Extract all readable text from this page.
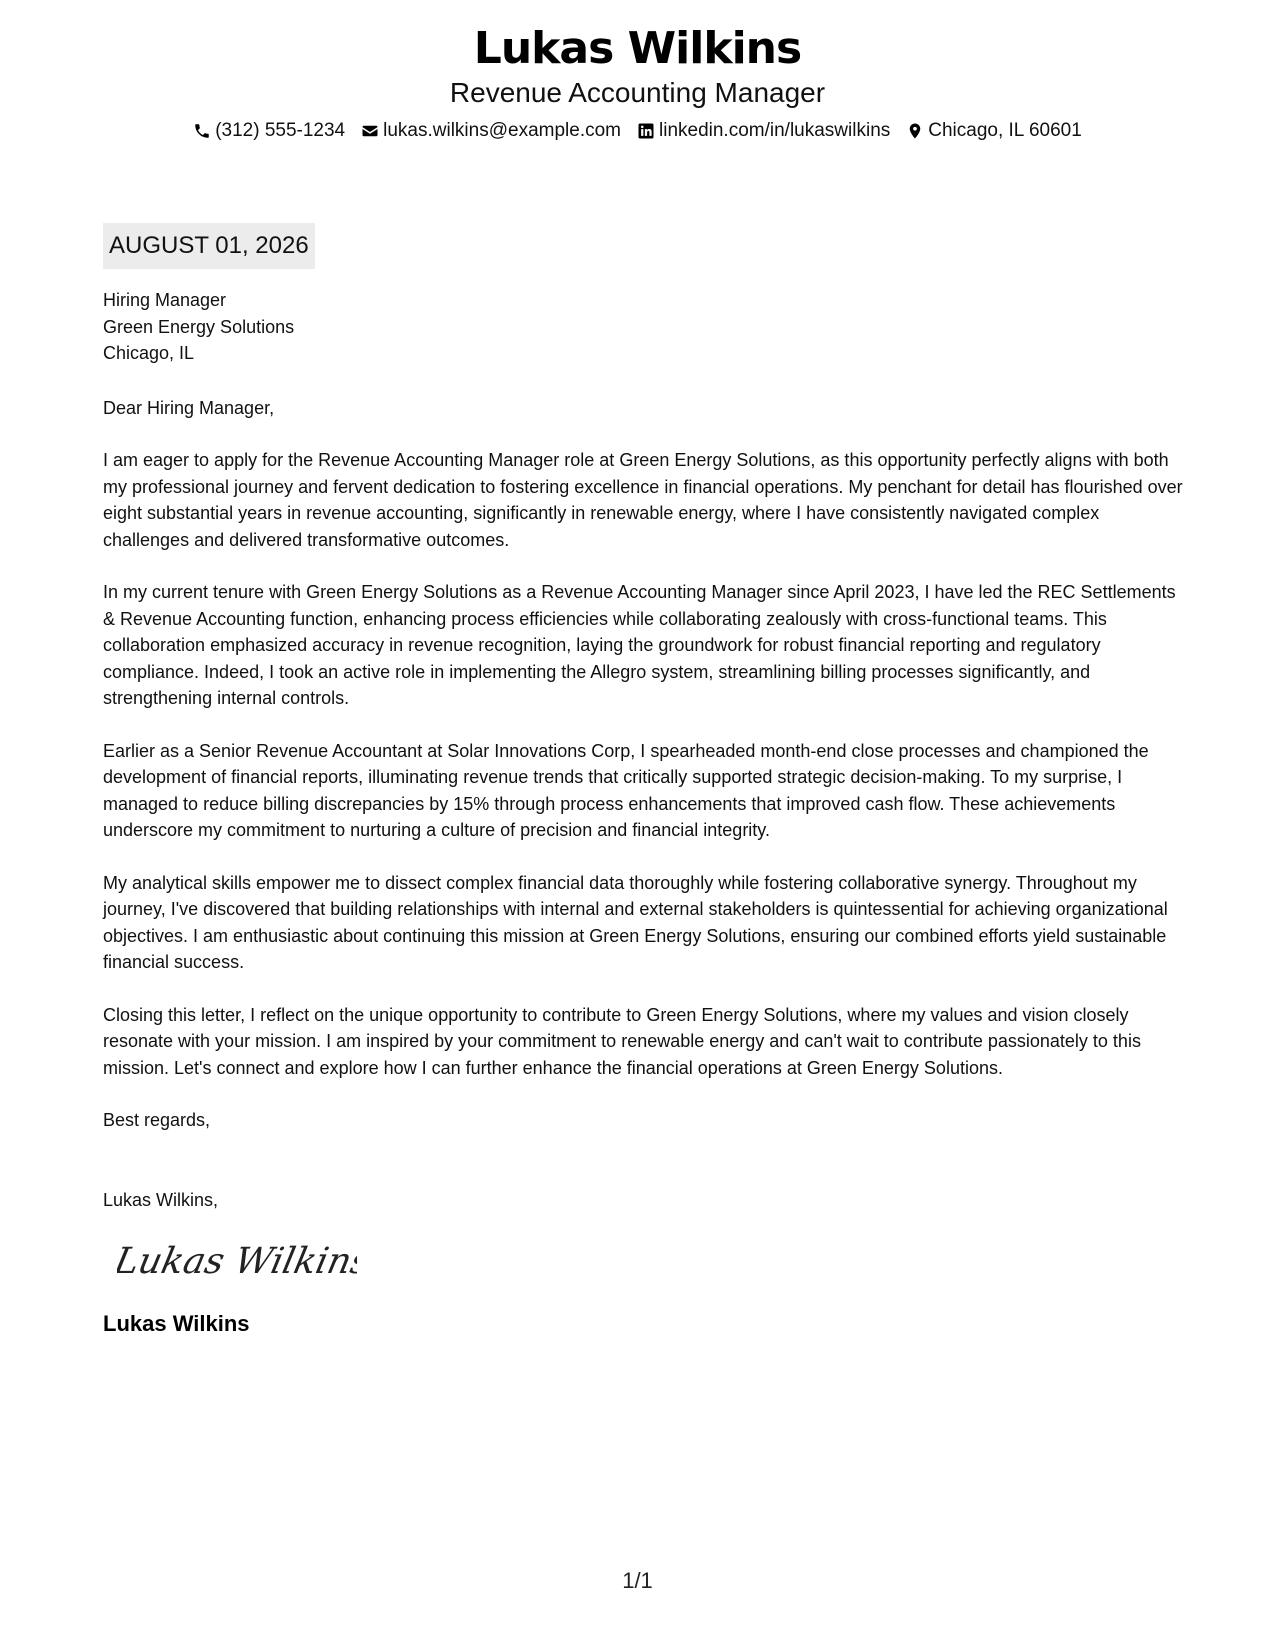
Lukas Wilkins
Revenue Accounting Manager
(312) 555-1234 lukas.wilkins@example.com linkedin.com/in/lukaswilkins Chicago, IL 60601
AUGUST 01, 2026
Hiring Manager
Green Energy Solutions
Chicago, IL
Dear Hiring Manager,

I am eager to apply for the Revenue Accounting Manager role at Green Energy Solutions, as this opportunity perfectly aligns with both my professional journey and fervent dedication to fostering excellence in financial operations. My penchant for detail has flourished over eight substantial years in revenue accounting, significantly in renewable energy, where I have consistently navigated complex challenges and delivered transformative outcomes.

In my current tenure with Green Energy Solutions as a Revenue Accounting Manager since April 2023, I have led the REC Settlements & Revenue Accounting function, enhancing process efficiencies while collaborating zealously with cross-functional teams. This collaboration emphasized accuracy in revenue recognition, laying the groundwork for robust financial reporting and regulatory compliance. Indeed, I took an active role in implementing the Allegro system, streamlining billing processes significantly, and strengthening internal controls.

Earlier as a Senior Revenue Accountant at Solar Innovations Corp, I spearheaded month-end close processes and championed the development of financial reports, illuminating revenue trends that critically supported strategic decision-making. To my surprise, I managed to reduce billing discrepancies by 15% through process enhancements that improved cash flow. These achievements underscore my commitment to nurturing a culture of precision and financial integrity.

My analytical skills empower me to dissect complex financial data thoroughly while fostering collaborative synergy. Throughout my journey, I've discovered that building relationships with internal and external stakeholders is quintessential for achieving organizational objectives. I am enthusiastic about continuing this mission at Green Energy Solutions, ensuring our combined efforts yield sustainable financial success.

Closing this letter, I reflect on the unique opportunity to contribute to Green Energy Solutions, where my values and vision closely resonate with your mission. I am inspired by your commitment to renewable energy and can't wait to contribute passionately to this mission. Let's connect and explore how I can further enhance the financial operations at Green Energy Solutions.

Best regards,
Lukas Wilkins,
Lukas Wilkins
Lukas Wilkins
1/1
